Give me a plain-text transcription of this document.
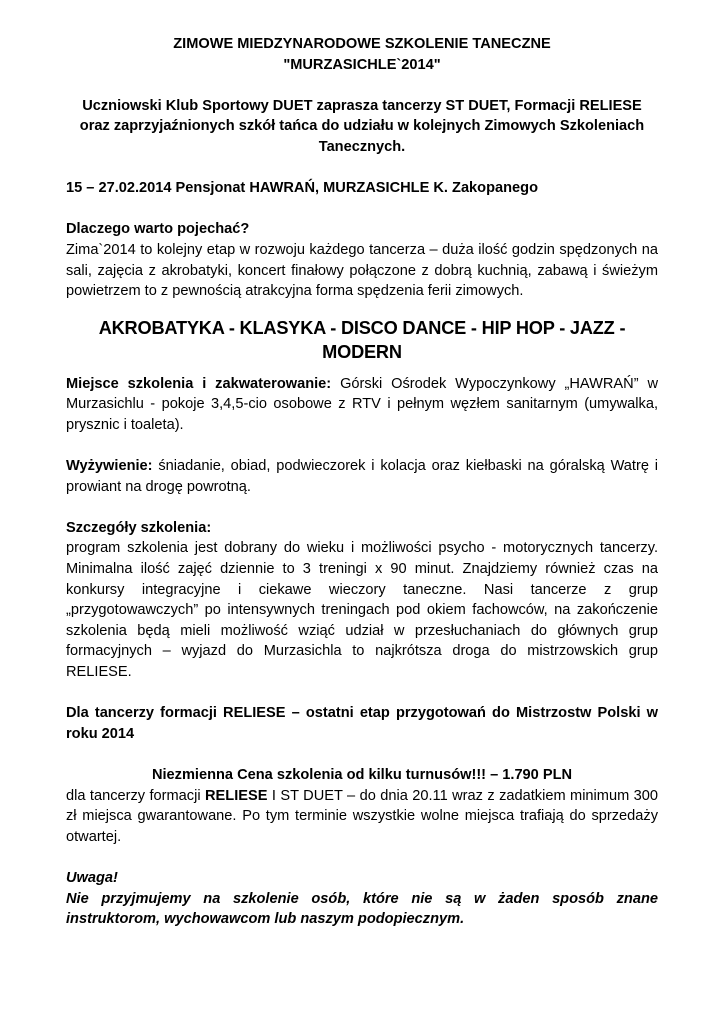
ZIMOWE MIEDZYNARODOWE SZKOLENIE TANECZNE

"MURZASICHLE`2014"

Uczniowski Klub Sportowy DUET zaprasza tancerzy ST DUET, Formacji RELIESE oraz zaprzyjaźnionych szkół tańca do udziału w kolejnych Zimowych Szkoleniach Tanecznych.

15 – 27.02.2014 Pensjonat HAWRAŃ, MURZASICHLE K. Zakopanego

Dlaczego warto pojechać?

Zima`2014 to kolejny etap w rozwoju każdego tancerza – duża ilość godzin spędzonych na sali, zajęcia z akrobatyki, koncert finałowy połączone z dobrą kuchnią, zabawą i świeżym powietrzem to z pewnością atrakcyjna forma spędzenia ferii zimowych.

AKROBATYKA - KLASYKA - DISCO DANCE - HIP HOP - JAZZ - MODERN

Miejsce szkolenia i zakwaterowanie: Górski Ośrodek Wypoczynkowy „HAWRAŃ” w Murzasichlu - pokoje 3,4,5-cio osobowe z RTV i pełnym węzłem sanitarnym (umywalka, prysznic i toaleta).

Wyżywienie: śniadanie, obiad, podwieczorek i kolacja oraz kiełbaski na góralską Watrę i prowiant na drogę powrotną.

Szczegóły szkolenia:

program szkolenia jest dobrany do wieku i możliwości psycho - motorycznych tancerzy. Minimalna ilość zajęć dziennie to 3 treningi x 90 minut. Znajdziemy również czas na konkursy integracyjne i ciekawe wieczory taneczne. Nasi tancerze z grup „przygotowawczych” po intensywnych treningach pod okiem fachowców, na zakończenie szkolenia będą mieli możliwość wziąć udział w przesłuchaniach do głównych grup formacyjnych – wyjazd do Murzasichla to najkrótsza droga do mistrzowskich grup RELIESE.

Dla tancerzy formacji RELIESE – ostatni etap przygotowań do Mistrzostw Polski w roku 2014

Niezmienna Cena szkolenia od kilku turnusów!!! – 1.790 PLN

dla tancerzy formacji RELIESE I ST DUET – do dnia 20.11 wraz z zadatkiem minimum 300 zł miejsca gwarantowane. Po tym terminie wszystkie wolne miejsca trafiają do sprzedaży otwartej.

Uwaga!

Nie przyjmujemy na szkolenie osób, które nie są w żaden sposób znane instruktorom, wychowawcom lub naszym podopiecznym.
